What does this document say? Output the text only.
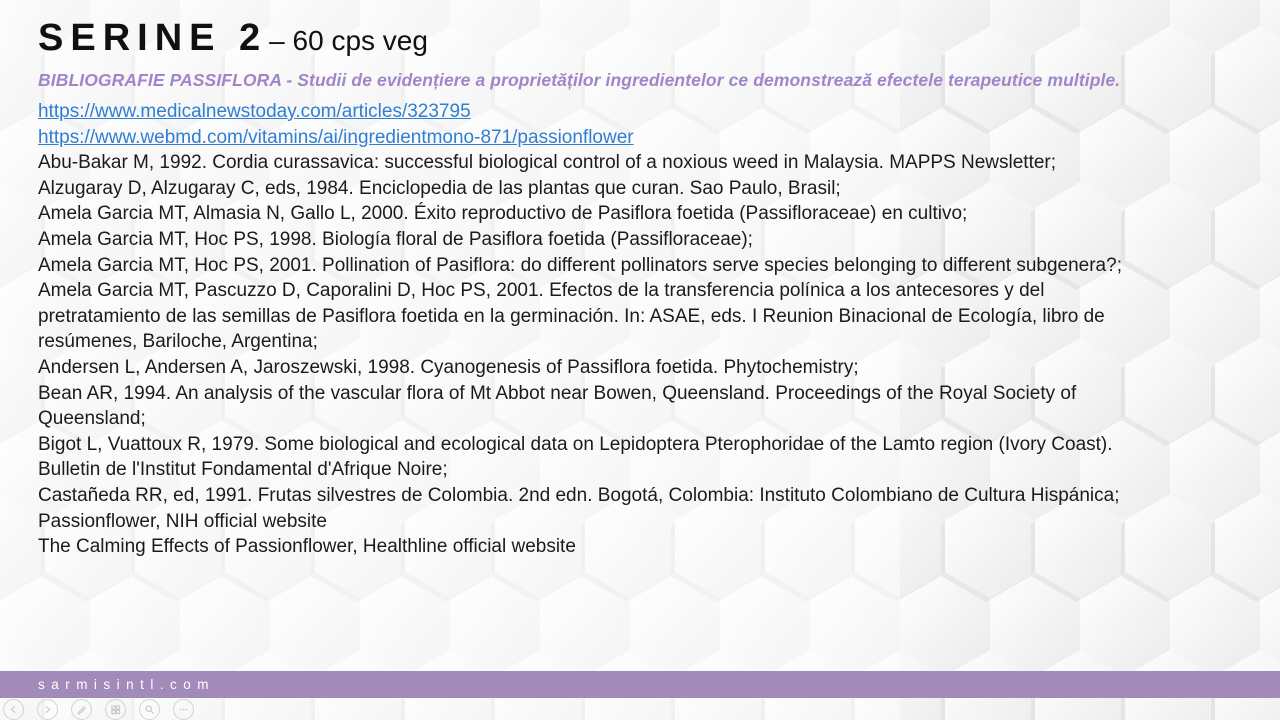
SERINE 2 – 60 cps veg
BIBLIOGRAFIE PASSIFLORA - Studii de evidențiere a proprietăților ingredientelor ce demonstrează efectele terapeutice multiple.
https://www.medicalnewstoday.com/articles/323795
https://www.webmd.com/vitamins/ai/ingredientmono-871/passionflower
Abu-Bakar M, 1992. Cordia curassavica: successful biological control of a noxious weed in Malaysia. MAPPS Newsletter;
Alzugaray D, Alzugaray C, eds, 1984. Enciclopedia de las plantas que curan. Sao Paulo, Brasil;
Amela Garcia MT, Almasia N, Gallo L, 2000. Éxito reproductivo de Pasiflora foetida (Passifloraceae) en cultivo;
Amela Garcia MT, Hoc PS, 1998. Biología floral de Pasiflora foetida (Passifloraceae);
Amela Garcia MT, Hoc PS, 2001. Pollination of Pasiflora: do different pollinators serve species belonging to different subgenera?;
Amela Garcia MT, Pascuzzo D, Caporalini D, Hoc PS, 2001. Efectos de la transferencia polínica a los antecesores y del
pretratamiento de las semillas de Pasiflora foetida en la germinación. In: ASAE, eds. I Reunion Binacional de Ecología, libro de
resúmenes, Bariloche, Argentina;
Andersen L, Andersen A, Jaroszewski, 1998. Cyanogenesis of Passiflora foetida. Phytochemistry;
Bean AR, 1994. An analysis of the vascular flora of Mt Abbot near Bowen, Queensland. Proceedings of the Royal Society of
Queensland;
Bigot L, Vuattoux R, 1979. Some biological and ecological data on Lepidoptera Pterophoridae of the Lamto region (Ivory Coast).
Bulletin de l'Institut Fondamental d'Afrique Noire;
Castañeda RR, ed, 1991. Frutas silvestres de Colombia. 2nd edn. Bogotá, Colombia: Instituto Colombiano de Cultura Hispánica;
Passionflower, NIH official website
The Calming Effects of Passionflower, Healthline official website
sarmisintl.com
